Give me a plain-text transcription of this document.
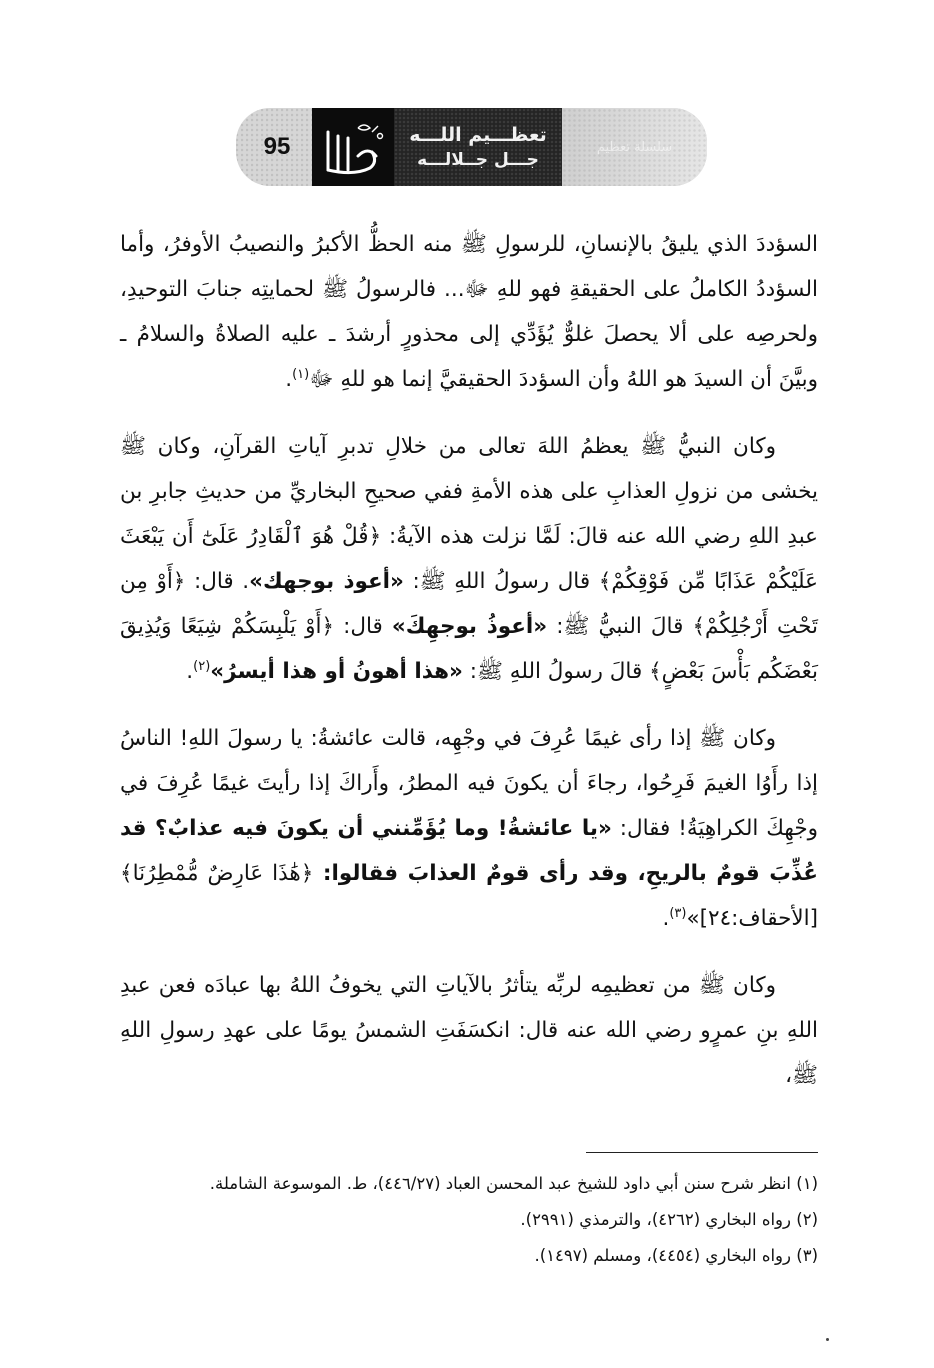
95	تعظـــيم اللـــه
جـــل جــلالـــه
سلسلة تعظيم

السؤددَ الذي يليقُ بالإنسانِ، للرسولِ ﷺ منه الحظُّ الأكبرُ والنصيبُ الأوفرُ، وأما السؤددُ الكاملُ على الحقيقةِ فهو للهِ ﷻ... فالرسولُ ﷺ لحمايتِه جنابَ التوحيدِ، ولحرصِه على ألا يحصلَ غلوٌّ يُؤَدِّي إلى محذورٍ أرشدَ ـ عليه الصلاةُ والسلامُ ـ وبيَّنَ أن السيدَ هو اللهُ وأن السؤددَ الحقيقيَّ إنما هو للهِ ﷻ$^{(١)}$.

وكان النبيُّ ﷺ يعظمُ اللهَ تعالى من خلالِ تدبرِ آياتِ القرآنِ، وكان ﷺ يخشى من نزولِ العذابِ على هذه الأمةِ ففي صحيحِ البخاريِّ من حديثِ جابرِ بن عبدِ اللهِ رضي الله عنه قالَ: لَمَّا نزلت هذه الآيةُ: ﴿قُلْ هُوَ ٱلْقَادِرُ عَلَىٰٓ أَن يَبْعَثَ عَلَيْكُمْ عَذَابًا مِّن فَوْقِكُمْ﴾ قال رسولُ اللهِ ﷺ: «أعوذ بوجهك». قال: ﴿أَوْ مِن تَحْتِ أَرْجُلِكُمْ﴾ قالَ النبيُّ ﷺ: «أعوذُ بوجهِكَ» قال: ﴿أَوْ يَلْبِسَكُمْ شِيَعًا وَيُذِيقَ بَعْضَكُم بَأْسَ بَعْضٍ﴾ قالَ رسولُ اللهِ ﷺ: «هذا أهونُ أو هذا أيسرُ»$^{(٢)}$.

وكان ﷺ إذا رأى غيمًا عُرِفَ في وجْهِه، قالت عائشةُ: يا رسولَ اللهِ! الناسُ إذا رأَوُا الغيمَ فَرِحُوا، رجاءَ أن يكونَ فيه المطرُ، وأَراكَ إذا رأيتَ غيمًا عُرِفَ في وجْهِكَ الكراهِيَةُ! فقال: «يا عائشةُ! وما يُؤَمِّنني أن يكونَ فيه عذابٌ؟ قد عُذِّبَ قومٌ بالريحِ، وقد رأى قومٌ العذابَ فقالوا: ﴿هَٰذَا عَارِضٌ مُّمْطِرُنَا﴾ [الأحقاف:٢٤]»$^{(٣)}$.

وكان ﷺ من تعظيمِه لربِّه يتأثرُ بالآياتِ التي يخوفُ اللهُ بها عبادَه فعن عبدِ اللهِ بنِ عمرٍو رضي الله عنه قال: انكسَفَتِ الشمسُ يومًا على عهدِ رسولِ اللهِ ﷺ،

(١) انظر شرح سنن أبي داود للشيخ عبد المحسن العباد (٤٤٦/٢٧)، ط. الموسوعة الشاملة.
(٢) رواه البخاري (٤٢٦٢)، والترمذي (٢٩٩١).
(٣) رواه البخاري (٤٤٥٤)، ومسلم (١٤٩٧).
